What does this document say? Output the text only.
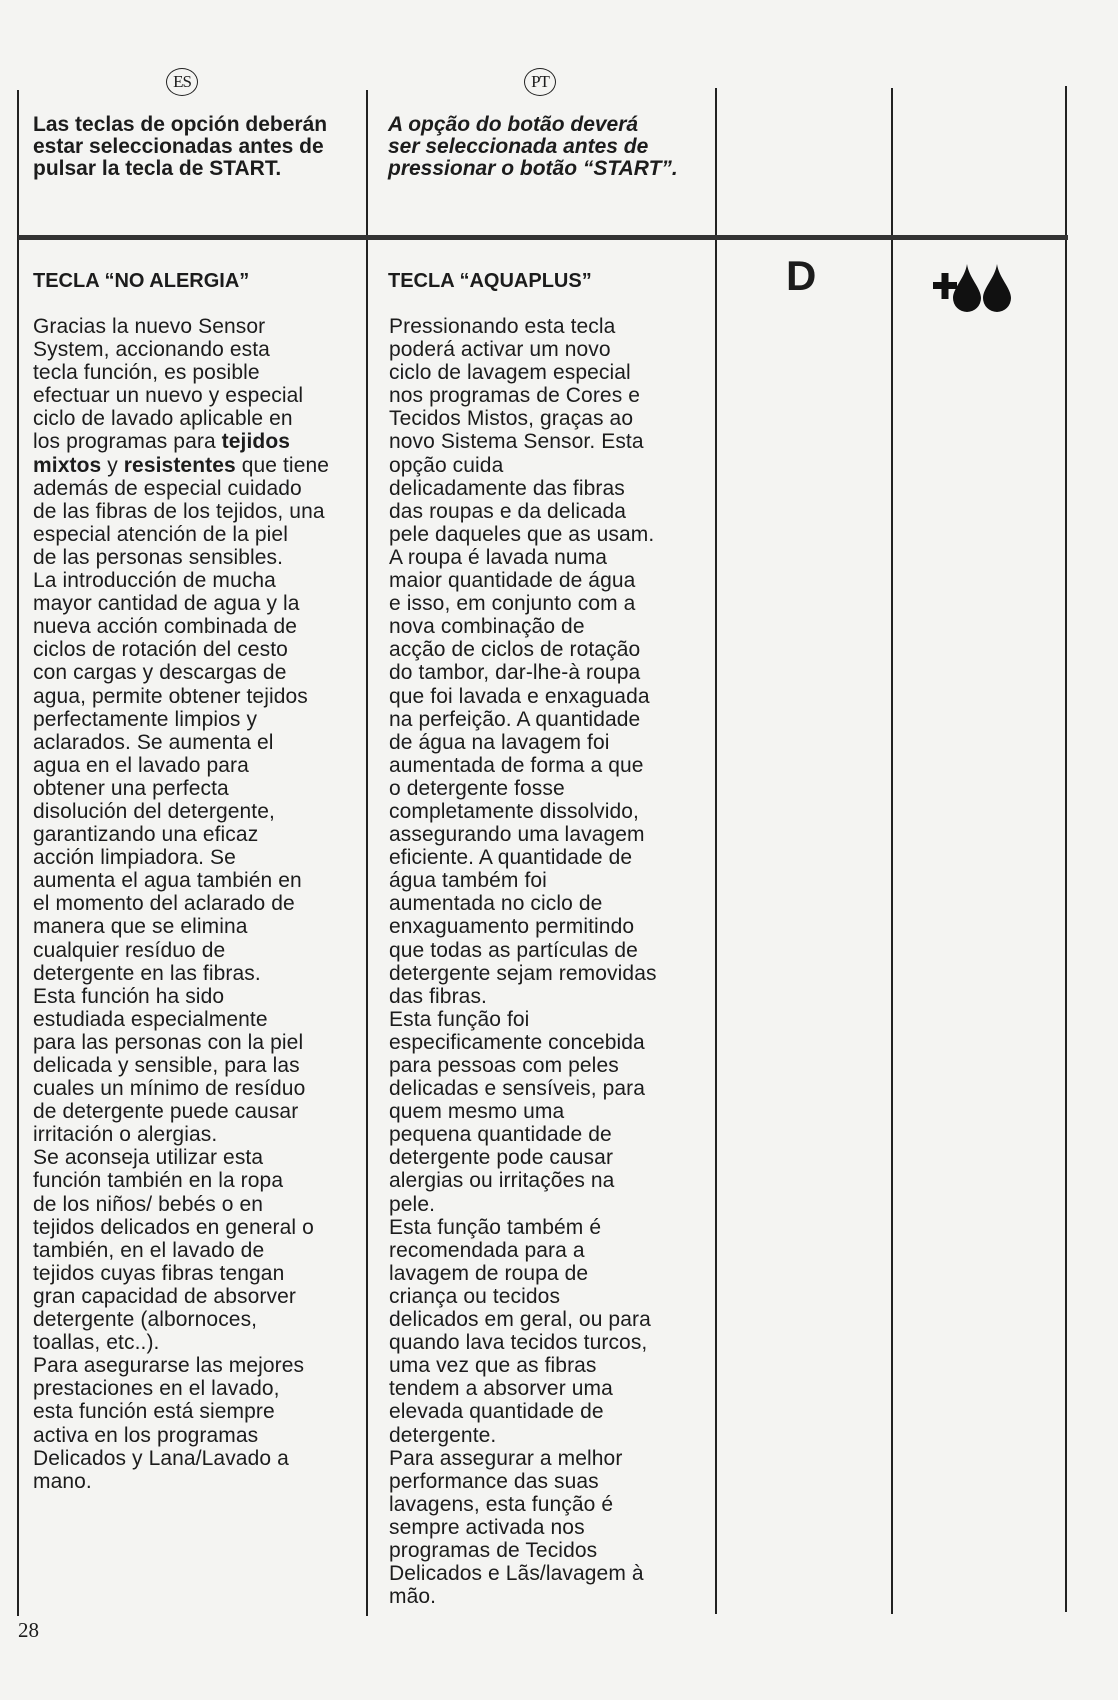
ES	PT
Las teclas de opción deberán
estar seleccionadas antes de
pulsar la tecla de START.
A opção do botão deverá
ser seleccionada antes de
pressionar o botão “START”.
TECLA “NO ALERGIA”	TECLA “AQUAPLUS”
Gracias la nuevo Sensor
System, accionando esta
tecla función, es posible
efectuar un nuevo y especial
ciclo de lavado aplicable en
los programas para tejidos
mixtos y resistentes que tiene
además de especial cuidado
de las fibras de los tejidos, una
especial atención de la piel
de las personas sensibles.
La introducción de mucha
mayor cantidad de agua y la
nueva acción combinada de
ciclos de rotación del cesto
con cargas y descargas de
agua, permite obtener tejidos
perfectamente limpios y
aclarados. Se aumenta el
agua en el lavado para
obtener una perfecta
disolución del detergente,
garantizando una eficaz
acción limpiadora. Se
aumenta el agua también en
el momento del aclarado de
manera que se elimina
cualquier resíduo de
detergente en las fibras.
Esta función ha sido
estudiada especialmente
para las personas con la piel
delicada y sensible, para las
cuales un mínimo de resíduo
de detergente puede causar
irritación o alergias.
Se aconseja utilizar esta
función también en la ropa
de los niños/ bebés o en
tejidos delicados en general o
también, en el lavado de
tejidos cuyas fibras tengan
gran capacidad de absorver
detergente (albornoces,
toallas, etc..).
Para asegurarse las mejores
prestaciones en el lavado,
esta función está siempre
activa en los programas
Delicados y Lana/Lavado a
mano.
Pressionando esta tecla
poderá activar um novo
ciclo de lavagem especial
nos programas de Cores e
Tecidos Mistos, graças ao
novo Sistema Sensor. Esta
opção cuida
delicadamente das fibras
das roupas e da delicada
pele daqueles que as usam.
A roupa é lavada numa
maior quantidade de água
e isso, em conjunto com a
nova combinação de
acção de ciclos de rotação
do tambor, dar-lhe-à roupa
que foi lavada e enxaguada
na perfeição. A quantidade
de água na lavagem foi
aumentada de forma a que
o detergente fosse
completamente dissolvido,
assegurando uma lavagem
eficiente. A quantidade de
água também foi
aumentada no ciclo de
enxaguamento permitindo
que todas as partículas de
detergente sejam removidas
das fibras.
Esta função foi
especificamente concebida
para pessoas com peles
delicadas e sensíveis, para
quem mesmo uma
pequena quantidade de
detergente pode causar
alergias ou irritações na
pele.
Esta função também é
recomendada para a
lavagem de roupa de
criança ou tecidos
delicados em geral, ou para
quando lava tecidos turcos,
uma vez que as fibras
tendem a absorver uma
elevada quantidade de
detergente.
Para assegurar a melhor
performance das suas
lavagens, esta função é
sempre activada nos
programas de Tecidos
Delicados e Lãs/lavagem à
mão.
D
28
